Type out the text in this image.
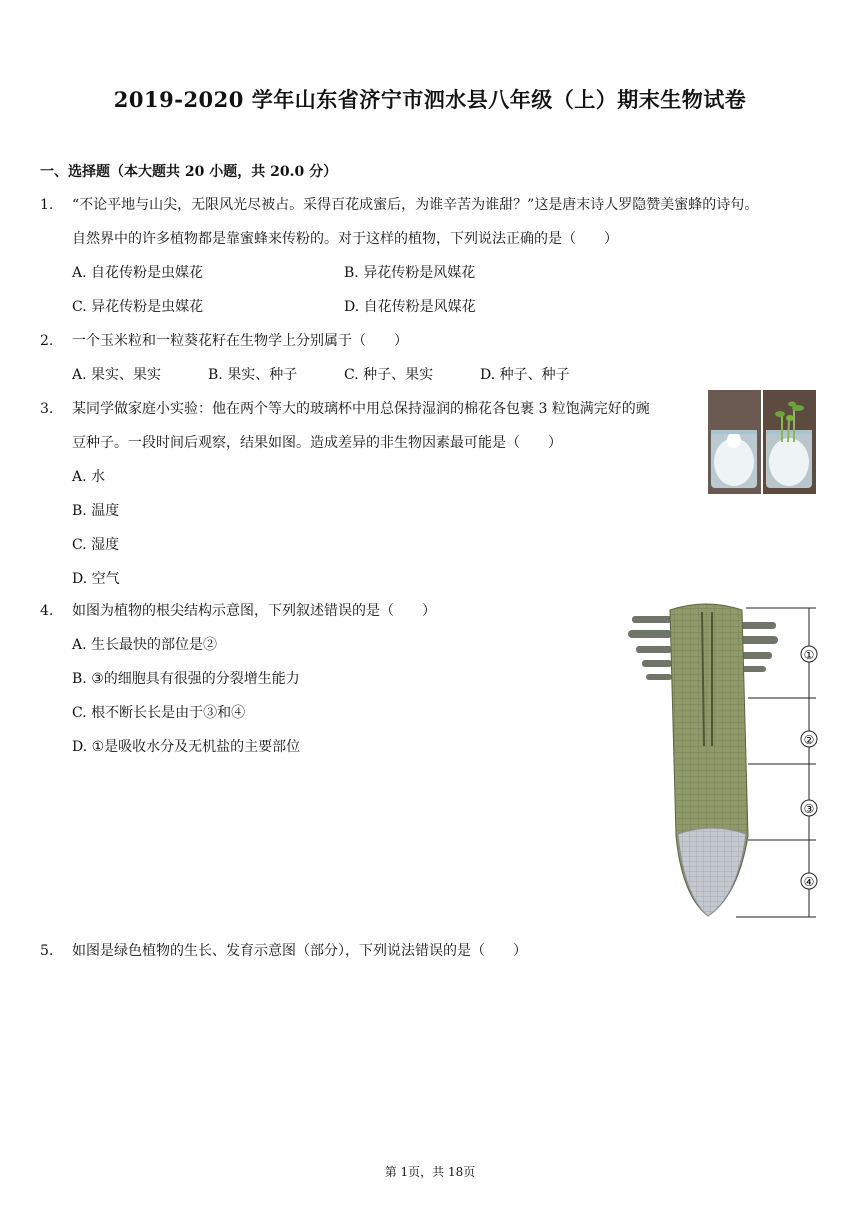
2019-2020 学年山东省济宁市泗水县八年级（上）期末生物试卷
一、选择题（本大题共 20 小题，共 20.0 分）
1. “不论平地与山尖，无限风光尽被占。采得百花成蜜后，为谁辛苦为谁甜？”这是唐末诗人罗隐赞美蜜蜂的诗句。
自然界中的许多植物都是靠蜜蜂来传粉的。对于这样的植物，下列说法正确的是（　　）
A. 自花传粉是虫媒花	B. 异花传粉是风媒花
C. 异花传粉是虫媒花	D. 自花传粉是风媒花
2. 一个玉米粒和一粒葵花籽在生物学上分别属于（　　）
A. 果实、果实	B. 果实、种子	C. 种子、果实	D. 种子、种子
3. 某同学做家庭小实验：他在两个等大的玻璃杯中用总保持湿润的棉花各包裹 3 粒饱满完好的豌
豆种子。一段时间后观察，结果如图。造成差异的非生物因素最可能是（　　）
A. 水
B. 温度
C. 湿度
D. 空气
4. 如图为植物的根尖结构示意图，下列叙述错误的是（　　）
A. 生长最快的部位是②
B. ③的细胞具有很强的分裂增生能力
C. 根不断长长是由于③和④
D. ①是吸收水分及无机盐的主要部位
①
②
③
④
5. 如图是绿色植物的生长、发育示意图（部分），下列说法错误的是（　　）
第 1页，共 18页
